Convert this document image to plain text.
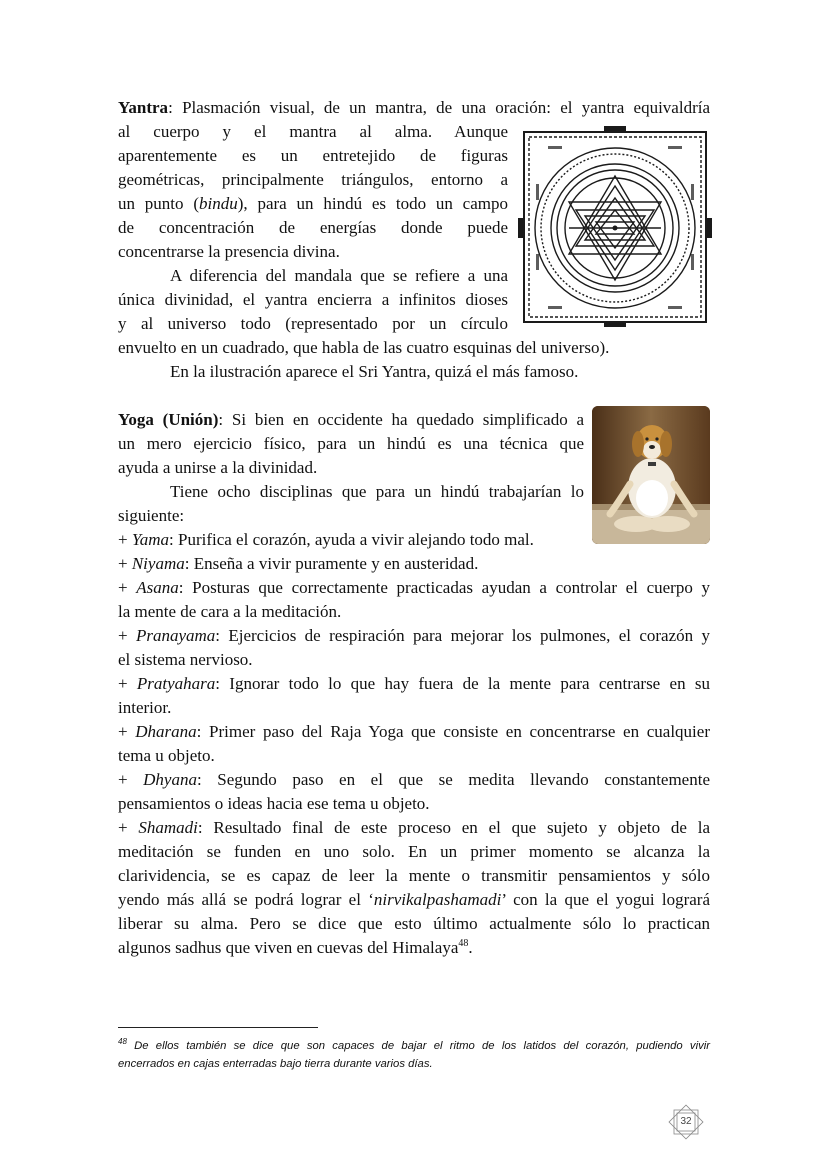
Yantra: Plasmación visual, de un mantra, de una oración: el yantra equivaldría

al cuerpo y el mantra al alma. Aunque

aparentemente es un entretejido de figuras

geométricas, principalmente triángulos, entorno a

un punto (bindu), para un hindú es todo un campo

de concentración de energías donde puede

concentrarse la presencia divina.

A diferencia del mandala que se refiere a una

única divinidad, el yantra encierra a infinitos dioses

y al universo todo (representado por un círculo

envuelto en un cuadrado, que habla de las cuatro esquinas del universo).

En la ilustración aparece el Sri Yantra, quizá el más famoso.

Yoga (Unión): Si bien en occidente ha quedado simplificado a

un mero ejercicio físico, para un hindú es una técnica que

ayuda a unirse a la divinidad.

Tiene ocho disciplinas que para un hindú trabajarían lo

siguiente:

+ Yama: Purifica el corazón, ayuda a vivir alejando todo mal.

+ Niyama: Enseña a vivir puramente y en austeridad.

+ Asana: Posturas que correctamente practicadas ayudan a controlar el cuerpo y

la mente de cara a la meditación.

+ Pranayama: Ejercicios de respiración para mejorar los pulmones, el corazón y

el sistema nervioso.

+ Pratyahara: Ignorar todo lo que hay fuera de la mente para centrarse en su

interior.

+ Dharana: Primer paso del Raja Yoga que consiste en concentrarse en cualquier

tema u objeto.

+ Dhyana: Segundo paso en el que se medita llevando constantemente

pensamientos o ideas hacia ese tema u objeto.

+ Shamadi: Resultado final de este proceso en el que sujeto y objeto de la

meditación se funden en uno solo. En un primer momento se alcanza la

clarividencia, se es capaz de leer la mente o transmitir pensamientos y sólo

yendo más allá se podrá lograr el ‘nirvikalpashamadi’ con la que el yogui logrará

liberar su alma. Pero se dice que esto último actualmente sólo lo practican

algunos sadhus que viven en cuevas del Himalaya$^{48}$.

$^{48}$ De ellos también se dice que son capaces de bajar el ritmo de los latidos del corazón, pudiendo vivir
encerrados en cajas enterradas bajo tierra durante varios días.
32
